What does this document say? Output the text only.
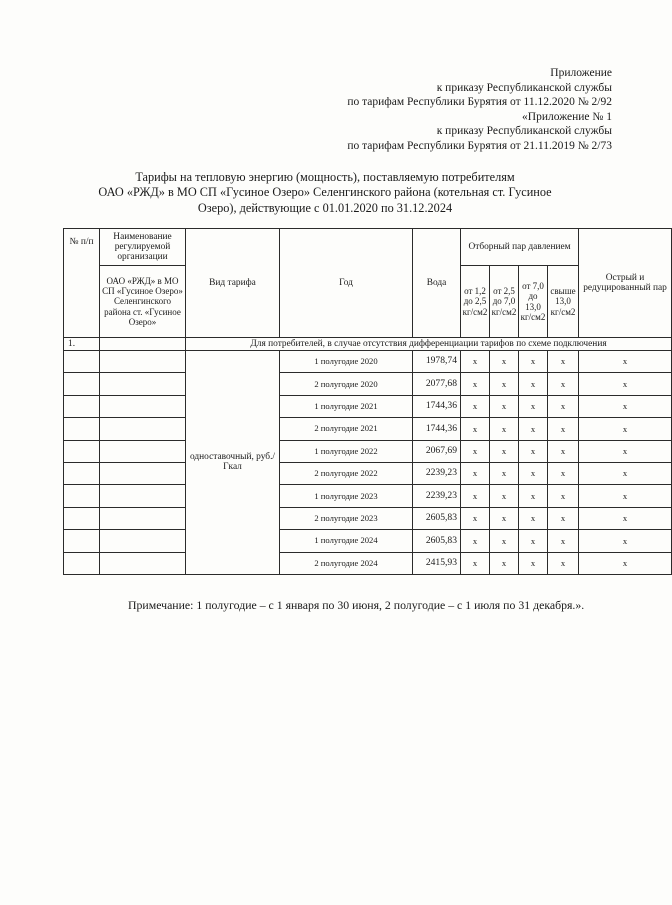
Приложение
к приказу Республиканской службы
по тарифам Республики Бурятия от 11.12.2020 № 2/92
«Приложение № 1
к приказу Республиканской службы
по тарифам Республики Бурятия от 21.11.2019 № 2/73
Тарифы на тепловую энергию (мощность), поставляемую потребителям
ОАО «РЖД» в МО СП «Гусиное Озеро» Селенгинского района (котельная ст. Гусиное
Озеро), действующие с 01.01.2020 по 31.12.2024
№ п/п	Наименование регулируемой организации	Вид тарифа	Год	Вода	Отборный пар давлением				Острый и редуцированный пар
	ОАО «РЖД» в МО СП «Гусиное Озеро» Селенгинского района ст. «Гусиное Озеро»				от 1,2 до 2,5 кг/см2	от 2,5 до 7,0 кг/см2	от 7,0 до 13,0 кг/см2	свыше 13,0 кг/см2	
1.		Для потребителей, в случае отсутствия дифференциации тарифов по схеме подключения							
		одноставочный, руб./Гкал	1 полугодие 2020	1978,74	x	x	x	x	x
			2 полугодие 2020	2077,68	x	x	x	x	x
			1 полугодие 2021	1744,36	x	x	x	x	x
			2 полугодие 2021	1744,36	x	x	x	x	x
			1 полугодие 2022	2067,69	x	x	x	x	x
			2 полугодие 2022	2239,23	x	x	x	x	x
			1 полугодие 2023	2239,23	x	x	x	x	x
			2 полугодие 2023	2605,83	x	x	x	x	x
			1 полугодие 2024	2605,83	x	x	x	x	x
			2 полугодие 2024	2415,93	x	x	x	x	x
Примечание: 1 полугодие – с 1 января по 30 июня, 2 полугодие – с 1 июля по 31 декабря.».
